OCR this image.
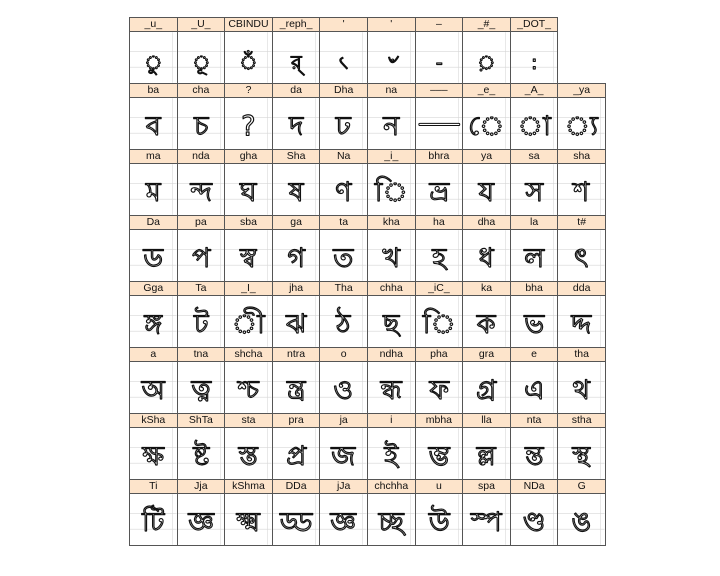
_u_
ু
_U_
ূ
CBINDU
ঁ
_reph_
র্
'
৻
'
৺
–
-
_#_
়
_DOT_
:
ba
ব
cha
চ
?
?
da
দ
Dha
ঢ
na
ন
–––	_e_
ে
_A_
া
_ya
্য
ma
ম
nda
ন্দ
gha
ঘ
Sha
ষ
Na
ণ
_i_
ি
bhra
ভ্র
ya
য
sa
স
sha
শ
Da
ড
pa
প
sba
স্ব
ga
গ
ta
ত
kha
খ
ha
হ
dha
ধ
la
ল
t#
ৎ
Gga
ঙ্গ
Ta
ট
_I_
ী
jha
ঝ
Tha
ঠ
chha
ছ
_iC_
ি
ka
ক
bha
ভ
dda
দ্দ
a
অ
tna
ত্ন
shcha
শ্চ
ntra
ন্ত্র
o
ও
ndha
ন্ধ
pha
ফ
gra
গ্র
e
এ
tha
থ
kSha
ক্ষ
ShTa
ষ্ট
sta
স্ত
pra
প্র
ja
জ
i
ই
mbha
ম্ভ
lla
ল্ল
nta
ন্ত
stha
স্থ
Ti
টি
Jja
জ্ঞ
kShma
ক্ষ্ম
DDa
ড্ড
jJa
জ্ঞ
chchha
চ্ছ
u
উ
spa
স্প
NDa
ণ্ড
G
ঙ
